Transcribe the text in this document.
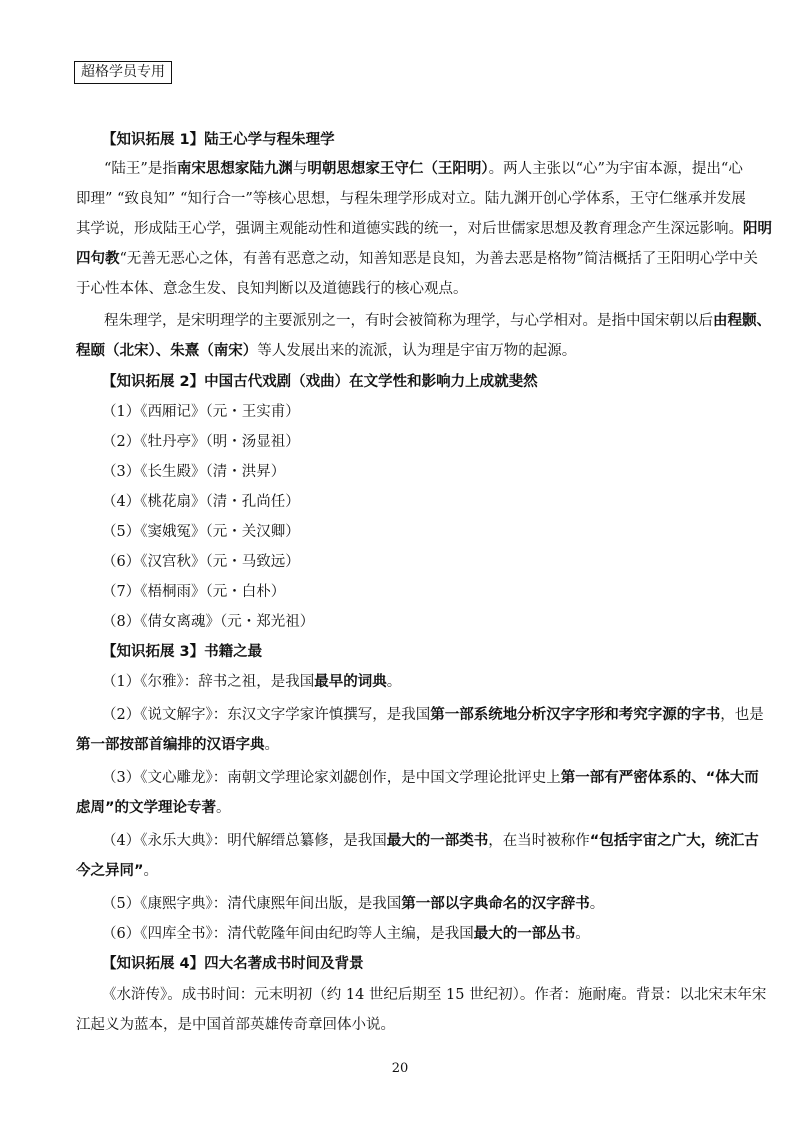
超格学员专用
【知识拓展 1】陆王心学与程朱理学
“陆王”是指南宋思想家陆九渊与明朝思想家王守仁（王阳明）。两人主张以“心”为宇宙本源，提出“心
即理” “致良知” “知行合一”等核心思想，与程朱理学形成对立。陆九渊开创心学体系，王守仁继承并发展
其学说，形成陆王心学，强调主观能动性和道德实践的统一，对后世儒家思想及教育理念产生深远影响。阳明
四句教“无善无恶心之体，有善有恶意之动，知善知恶是良知，为善去恶是格物”简洁概括了王阳明心学中关
于心性本体、意念生发、良知判断以及道德践行的核心观点。
程朱理学，是宋明理学的主要派别之一，有时会被简称为理学，与心学相对。是指中国宋朝以后由程颢、
程颐（北宋）、朱熹（南宋）等人发展出来的流派，认为理是宇宙万物的起源。
【知识拓展 2】中国古代戏剧（戏曲）在文学性和影响力上成就斐然
（1）《西厢记》（元・王实甫）
（2）《牡丹亭》（明・汤显祖）
（3）《长生殿》（清・洪昇）
（4）《桃花扇》（清・孔尚任）
（5）《窦娥冤》（元・关汉卿）
（6）《汉宫秋》（元・马致远）
（7）《梧桐雨》（元・白朴）
（8）《倩女离魂》（元・郑光祖）
【知识拓展 3】书籍之最
（1）《尔雅》：辞书之祖，是我国最早的词典。
（2）《说文解字》：东汉文字学家许慎撰写，是我国第一部系统地分析汉字字形和考究字源的字书，也是
第一部按部首编排的汉语字典。
（3）《文心雕龙》：南朝文学理论家刘勰创作，是中国文学理论批评史上第一部有严密体系的、“体大而
虑周”的文学理论专著。
（4）《永乐大典》：明代解缙总纂修，是我国最大的一部类书，在当时被称作“包括宇宙之广大，统汇古
今之异同”。
（5）《康熙字典》：清代康熙年间出版，是我国第一部以字典命名的汉字辞书。
（6）《四库全书》：清代乾隆年间由纪昀等人主编，是我国最大的一部丛书。
【知识拓展 4】四大名著成书时间及背景
《水浒传》。成书时间：元末明初（约 14 世纪后期至 15 世纪初）。作者：施耐庵。背景：以北宋末年宋
江起义为蓝本，是中国首部英雄传奇章回体小说。
20
